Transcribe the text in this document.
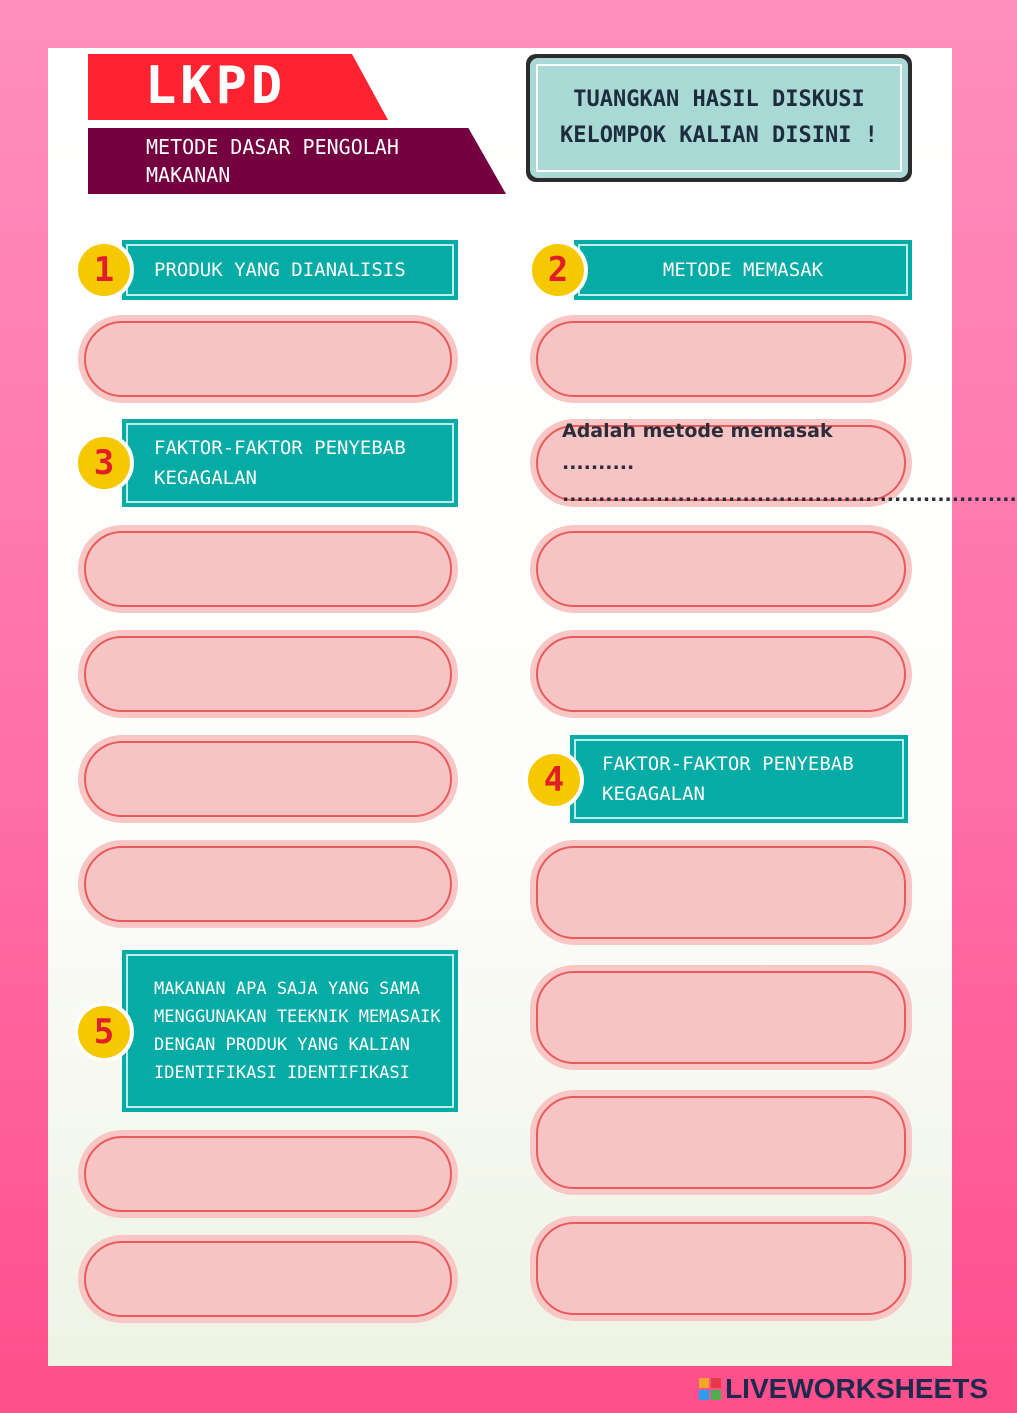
LKPD
METODE DASAR PENGOLAH MAKANAN
TUANGKAN HASIL DISKUSI KELOMPOK KALIAN DISINI !
PRODUK YANG DIANALISIS
1
FAKTOR-FAKTOR PENYEBAB KEGAGALAN
3
MAKANAN APA SAJA YANG SAMA MENGGUNAKAN TEEKNIK MEMASAIK DENGAN PRODUK YANG KALIAN IDENTIFIKASI IDENTIFIKASI
5
METODE MEMASAK
2
Adalah metode memasak ..........
...............................................................
FAKTOR-FAKTOR PENYEBAB KEGAGALAN
4
LIVEWORKSHEETS
